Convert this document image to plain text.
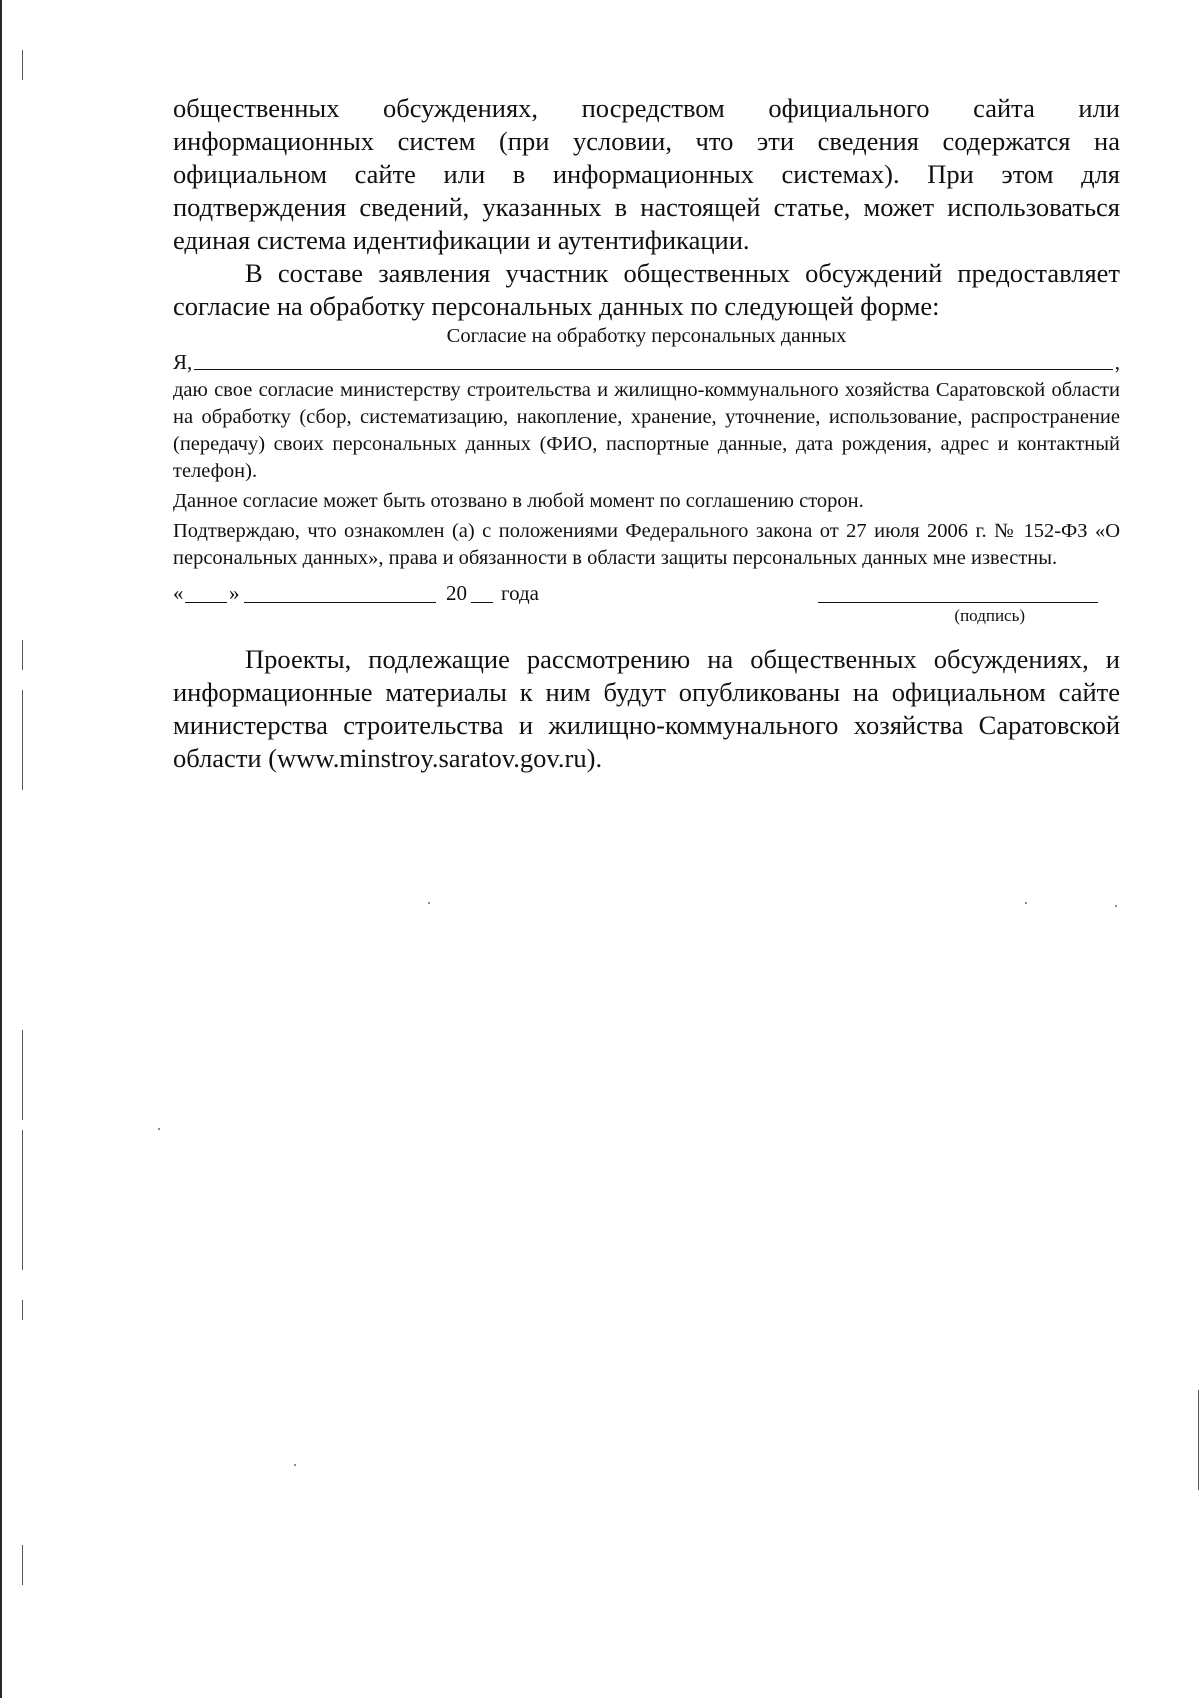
общественных обсуждениях, посредством официального сайта или информационных систем (при условии, что эти сведения содержатся на официальном сайте или в информационных системах). При этом для подтверждения сведений, указанных в настоящей статье, может использоваться единая система идентификации и аутентификации.

В составе заявления участник общественных обсуждений предоставляет согласие на обработку персональных данных по следующей форме:

Согласие на обработку персональных данных

Я,	,

даю свое согласие министерству строительства и жилищно-коммунального хозяйства Саратовской области на обработку (сбор, систематизацию, накопление, хранение, уточнение, использование, распространение (передачу) своих персональных данных (ФИО, паспортные данные, дата рождения, адрес и контактный телефон).

Данное согласие может быть отозвано в любой момент по соглашению сторон.

Подтверждаю, что ознакомлен (а) с положениями Федерального закона от 27 июля 2006 г. № 152-ФЗ «О персональных данных», права и обязанности в области защиты персональных данных мне известны.

« »	20 года
(подпись)

Проекты, подлежащие рассмотрению на общественных обсуждениях, и информационные материалы к ним будут опубликованы на официальном сайте министерства строительства и жилищно-коммунального хозяйства Саратовской области (www.minstroy.saratov.gov.ru).
